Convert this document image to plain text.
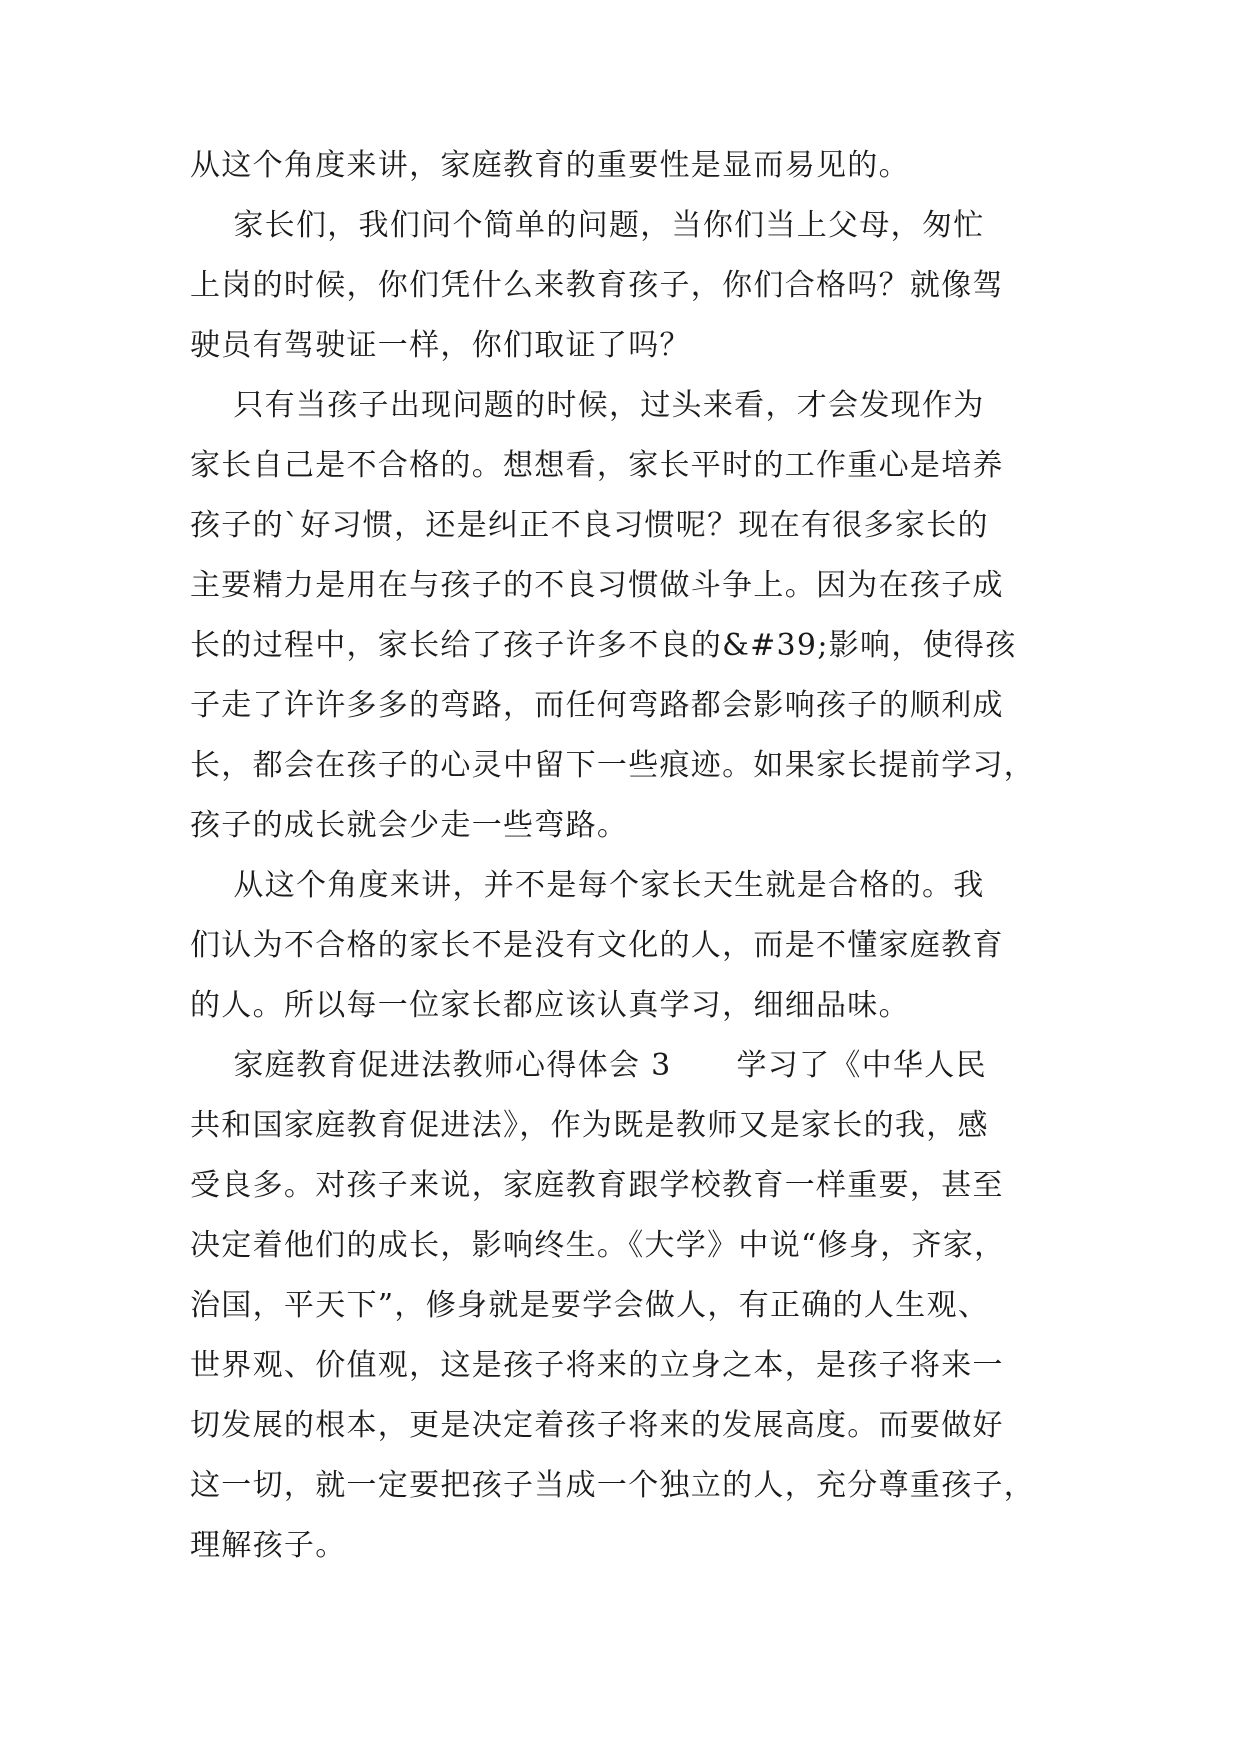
从这个角度来讲，家庭教育的重要性是显而易见的。
家长们，我们问个简单的问题，当你们当上父母，匆忙
上岗的时候，你们凭什么来教育孩子，你们合格吗？就像驾
驶员有驾驶证一样，你们取证了吗？
只有当孩子出现问题的时候，过头来看，才会发现作为
家长自己是不合格的。想想看，家长平时的工作重心是培养
孩子的`好习惯，还是纠正不良习惯呢？现在有很多家长的
主要精力是用在与孩子的不良习惯做斗争上。因为在孩子成
长的过程中，家长给了孩子许多不良的&#39;影响，使得孩
子走了许许多多的弯路，而任何弯路都会影响孩子的顺利成
长，都会在孩子的心灵中留下一些痕迹。如果家长提前学习，
孩子的成长就会少走一些弯路。
从这个角度来讲，并不是每个家长天生就是合格的。我
们认为不合格的家长不是没有文化的人，而是不懂家庭教育
的人。所以每一位家长都应该认真学习，细细品味。
家庭教育促进法教师心得体会 3      学习了《中华人民
共和国家庭教育促进法》，作为既是教师又是家长的我，感
受良多。对孩子来说，家庭教育跟学校教育一样重要，甚至
决定着他们的成长，影响终生。《大学》中说“修身，齐家，
治国，平天下”，修身就是要学会做人，有正确的人生观、
世界观、价值观，这是孩子将来的立身之本，是孩子将来一
切发展的根本，更是决定着孩子将来的发展高度。而要做好
这一切，就一定要把孩子当成一个独立的人，充分尊重孩子，
理解孩子。
